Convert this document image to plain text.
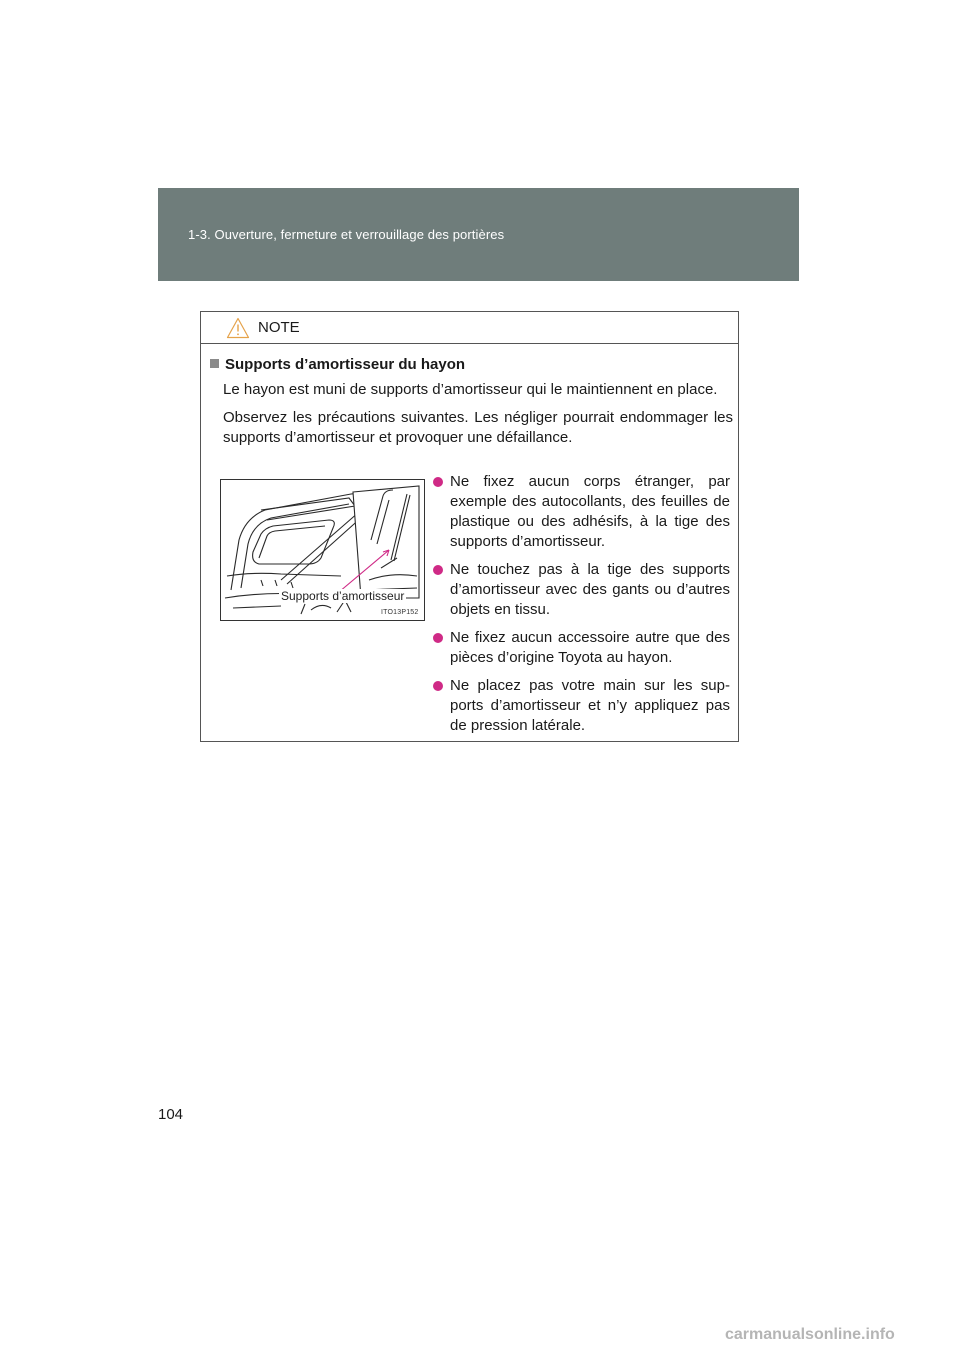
1-3. Ouverture, fermeture et verrouillage des portières
NOTE
Supports d’amortisseur du hayon
Le hayon est muni de supports d’amortisseur qui le maintiennent en place.
Observez les précautions suivantes. Les négliger pourrait endommager les supports d’amortisseur et provoquer une défaillance.
Supports d’amortisseur
ITO13P152
Ne fixez aucun corps étranger, par exemple des autocollants, des feuilles de plastique ou des adhésifs, à la tige des supports d’amortisseur.
Ne touchez pas à la tige des supports d’amortisseur avec des gants ou d’autres objets en tissu.
Ne fixez aucun accessoire autre que des pièces d’origine Toyota au hayon.
Ne placez pas votre main sur les sup-ports d’amortisseur et n’y appliquez pas de pression latérale.
104
carmanualsonline.info
